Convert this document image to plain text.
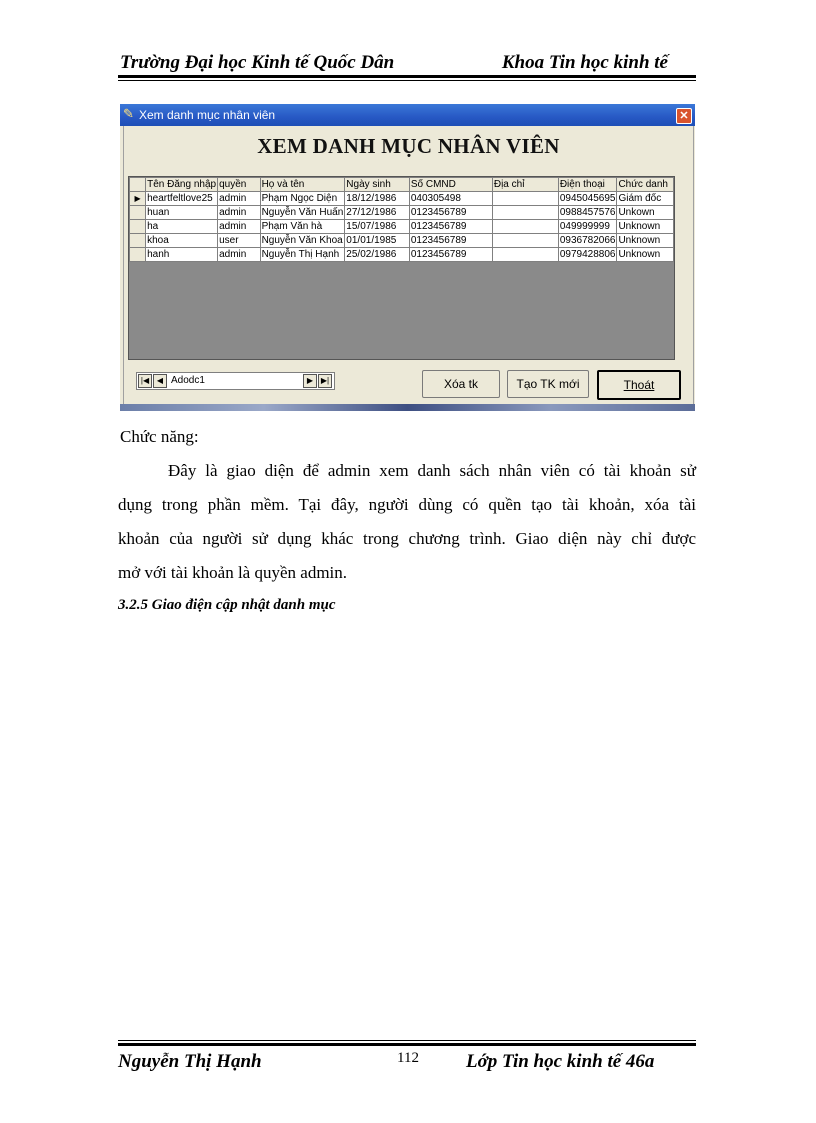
Trường Đại học Kinh tế Quốc Dân	Khoa Tin học kinh tế
✎ Xem danh mục nhân viên	✕
XEM DANH MỤC NHÂN VIÊN
	Tên Đăng nhập	quyền	Họ và tên	Ngày sinh	Số CMND	Địa chỉ	Điện thoại	Chức danh
▶	heartfeltlove25	admin	Phạm Ngọc Diện	18/12/1986	040305498		0945045695	Giám đốc
	huan	admin	Nguyễn Văn Huấn	27/12/1986	0123456789		0988457576	Unkown
	ha	admin	Phạm Văn hà	15/07/1986	0123456789		049999999	Unknown
	khoa	user	Nguyễn Văn Khoa	01/01/1985	0123456789		0936782066	Unknown
	hanh	admin	Nguyễn Thị Hạnh	25/02/1986	0123456789		0979428806	Unknown
|◀ ◀ Adodc1	▶ ▶|	Xóa tk	Tạo TK mới	Thoát
Chức năng:
Đây là giao diện để admin xem danh sách nhân viên có tài khoản sử
dụng trong phần mềm. Tại đây, người dùng có quền tạo tài khoản, xóa tài
khoản của người sử dụng khác trong chương trình. Giao diện này chỉ được
mở với tài khoản là quyền admin.
3.2.5 Giao điện cập nhật danh mục
Nguyễn Thị Hạnh	112 Lớp Tin học kinh tế 46a
